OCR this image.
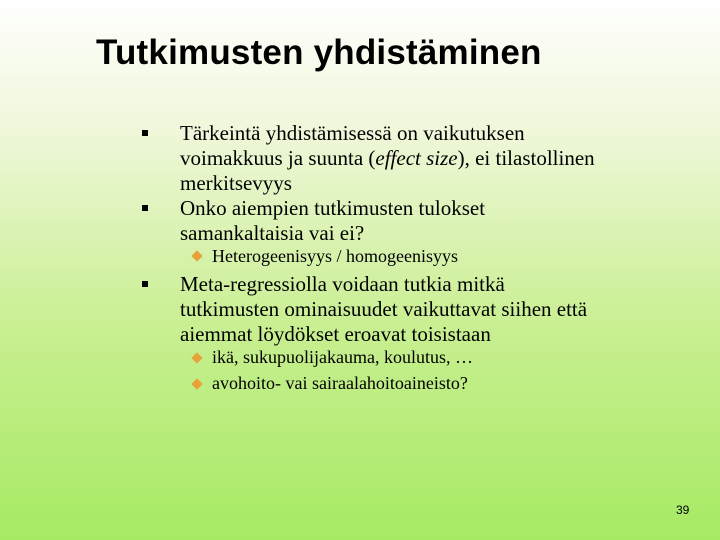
Tutkimusten yhdistäminen
Tärkeintä yhdistämisessä on vaikutuksen
voimakkuus ja suunta (effect size), ei tilastollinen
merkitsevyys
Onko aiempien tutkimusten tulokset
samankaltaisia vai ei?
Heterogeenisyys / homogeenisyys
Meta-regressiolla voidaan tutkia mitkä
tutkimusten ominaisuudet vaikuttavat siihen että
aiemmat löydökset eroavat toisistaan
ikä, sukupuolijakauma, koulutus, …
avohoito- vai sairaalahoitoaineisto?
39
